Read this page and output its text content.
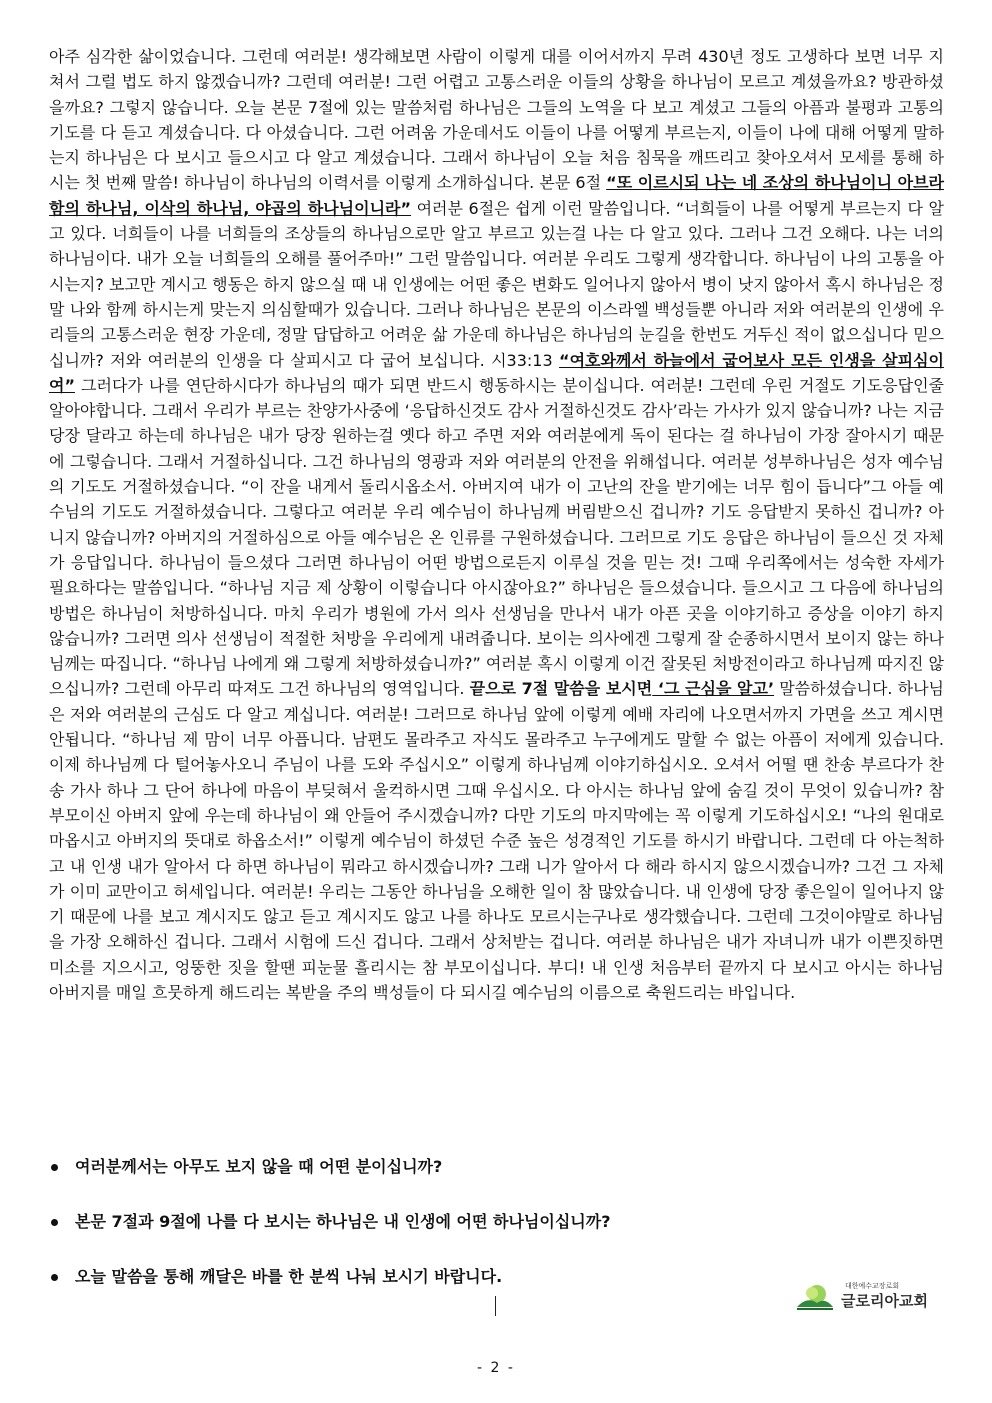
아주 심각한 삶이었습니다. 그런데 여러분! 생각해보면 사람이 이렇게 대를 이어서까지 무려 430년 정도 고생하다 보면 너무 지쳐서 그럴 법도 하지 않겠습니까? 그런데 여러분! 그런 어렵고 고통스러운 이들의 상황을 하나님이 모르고 계셨을까요? 방관하셨을까요? 그렇지 않습니다. 오늘 본문 7절에 있는 말씀처럼 하나님은 그들의 노역을 다 보고 계셨고 그들의 아픔과 불평과 고통의 기도를 다 듣고 계셨습니다. 다 아셨습니다. 그런 어려움 가운데서도 이들이 나를 어떻게 부르는지, 이들이 나에 대해 어떻게 말하는지 하나님은 다 보시고 들으시고 다 알고 계셨습니다. 그래서 하나님이 오늘 처음 침묵을 깨뜨리고 찾아오셔서 모세를 통해 하시는 첫 번째 말씀! 하나님이 하나님의 이력서를 이렇게 소개하십니다. 본문 6절 “또 이르시되 나는 네 조상의 하나님이니 아브라함의 하나님, 이삭의 하나님, 야곱의 하나님이니라” 여러분 6절은 쉽게 이런 말씀입니다. “너희들이 나를 어떻게 부르는지 다 알고 있다. 너희들이 나를 너희들의 조상들의 하나님으로만 알고 부르고 있는걸 나는 다 알고 있다. 그러나 그건 오해다. 나는 너의 하나님이다. 내가 오늘 너희들의 오해를 풀어주마!” 그런 말씀입니다. 여러분 우리도 그렇게 생각합니다. 하나님이 나의 고통을 아시는지? 보고만 계시고 행동은 하지 않으실 때 내 인생에는 어떤 좋은 변화도 일어나지 않아서 병이 낫지 않아서 혹시 하나님은 정말 나와 함께 하시는게 맞는지 의심할때가 있습니다. 그러나 하나님은 본문의 이스라엘 백성들뿐 아니라 저와 여러분의 인생에 우리들의 고통스러운 현장 가운데, 정말 답답하고 어려운 삶 가운데 하나님은 하나님의 눈길을 한번도 거두신 적이 없으십니다 믿으십니까? 저와 여러분의 인생을 다 살피시고 다 굽어 보십니다. 시33:13 “여호와께서 하늘에서 굽어보사 모든 인생을 살피심이여” 그러다가 나를 연단하시다가 하나님의 때가 되면 반드시 행동하시는 분이십니다. 여러분! 그런데 우린 거절도 기도응답인줄 알아야합니다. 그래서 우리가 부르는 찬양가사중에 ‘응답하신것도 감사 거절하신것도 감사’라는 가사가 있지 않습니까? 나는 지금 당장 달라고 하는데 하나님은 내가 당장 원하는걸 옛다 하고 주면 저와 여러분에게 독이 된다는 걸 하나님이 가장 잘아시기 때문에 그렇습니다. 그래서 거절하십니다. 그건 하나님의 영광과 저와 여러분의 안전을 위해섭니다. 여러분 성부하나님은 성자 예수님의 기도도 거절하셨습니다. “이 잔을 내게서 돌리시옵소서. 아버지여 내가 이 고난의 잔을 받기에는 너무 힘이 듭니다”그 아들 예수님의 기도도 거절하셨습니다. 그렇다고 여러분 우리 예수님이 하나님께 버림받으신 겁니까? 기도 응답받지 못하신 겁니까? 아니지 않습니까? 아버지의 거절하심으로 아들 예수님은 온 인류를 구원하셨습니다. 그러므로 기도 응답은 하나님이 들으신 것 자체가 응답입니다. 하나님이 들으셨다 그러면 하나님이 어떤 방법으로든지 이루실 것을 믿는 것! 그때 우리쪽에서는 성숙한 자세가 필요하다는 말씀입니다. “하나님 지금 제 상황이 이렇습니다 아시잖아요?” 하나님은 들으셨습니다. 들으시고 그 다음에 하나님의 방법은 하나님이 처방하십니다. 마치 우리가 병원에 가서 의사 선생님을 만나서 내가 아픈 곳을 이야기하고 증상을 이야기 하지 않습니까? 그러면 의사 선생님이 적절한 처방을 우리에게 내려줍니다. 보이는 의사에겐 그렇게 잘 순종하시면서 보이지 않는 하나님께는 따집니다. “하나님 나에게 왜 그렇게 처방하셨습니까?” 여러분 혹시 이렇게 이건 잘못된 처방전이라고 하나님께 따지진 않으십니까? 그런데 아무리 따져도 그건 하나님의 영역입니다. 끝으로 7절 말씀을 보시면 ‘그 근심을 알고’ 말씀하셨습니다. 하나님은 저와 여러분의 근심도 다 알고 계십니다. 여러분! 그러므로 하나님 앞에 이렇게 예배 자리에 나오면서까지 가면을 쓰고 계시면 안됩니다. “하나님 제 맘이 너무 아픕니다. 남편도 몰라주고 자식도 몰라주고 누구에게도 말할 수 없는 아픔이 저에게 있습니다. 이제 하나님께 다 털어놓사오니 주님이 나를 도와 주십시오” 이렇게 하나님께 이야기하십시오. 오셔서 어떨 땐 찬송 부르다가 찬송 가사 하나 그 단어 하나에 마음이 부딪혀서 울컥하시면 그때 우십시오. 다 아시는 하나님 앞에 숨길 것이 무엇이 있습니까? 참 부모이신 아버지 앞에 우는데 하나님이 왜 안들어 주시겠습니까? 다만 기도의 마지막에는 꼭 이렇게 기도하십시오! “나의 원대로 마옵시고 아버지의 뜻대로 하옵소서!” 이렇게 예수님이 하셨던 수준 높은 성경적인 기도를 하시기 바랍니다. 그런데 다 아는척하고 내 인생 내가 알아서 다 하면 하나님이 뭐라고 하시겠습니까? 그래 니가 알아서 다 해라 하시지 않으시겠습니까? 그건 그 자체가 이미 교만이고 허세입니다. 여러분! 우리는 그동안 하나님을 오해한 일이 참 많았습니다. 내 인생에 당장 좋은일이 일어나지 않기 때문에 나를 보고 계시지도 않고 듣고 계시지도 않고 나를 하나도 모르시는구나로 생각했습니다. 그런데 그것이야말로 하나님을 가장 오해하신 겁니다. 그래서 시험에 드신 겁니다. 그래서 상처받는 겁니다. 여러분 하나님은 내가 자녀니까 내가 이쁜짓하면 미소를 지으시고, 엉뚱한 짓을 할땐 피눈물 흘리시는 참 부모이십니다. 부디! 내 인생 처음부터 끝까지 다 보시고 아시는 하나님 아버지를 매일 흐뭇하게 해드리는 복받을 주의 백성들이 다 되시길 예수님의 이름으로 축원드리는 바입니다.

여러분께서는 아무도 보지 않을 때 어떤 분이십니까?
본문 7절과 9절에 나를 다 보시는 하나님은 내 인생에 어떤 하나님이십니까?
오늘 말씀을 통해 깨달은 바를 한 분씩 나눠 보시기 바랍니다.	대한예수교장로회
글로리아교회
- 2 -
